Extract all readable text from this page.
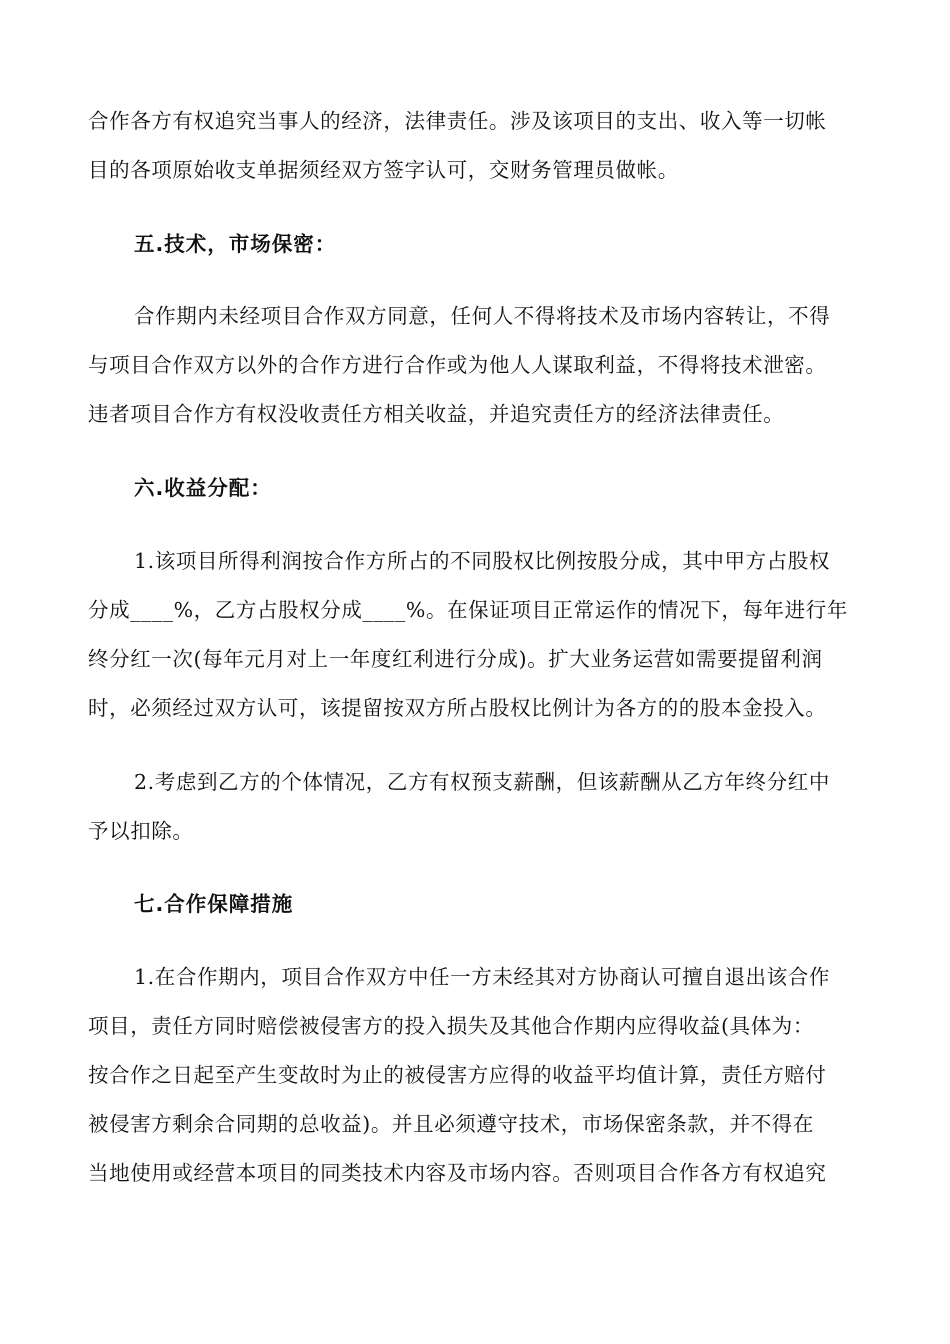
合作各方有权追究当事人的经济，法律责任。涉及该项目的支出、收入等一切帐
目的各项原始收支单据须经双方签字认可，交财务管理员做帐。
五.技术，市场保密：
合作期内未经项目合作双方同意，任何人不得将技术及市场内容转让，不得
与项目合作双方以外的合作方进行合作或为他人人谋取利益，不得将技术泄密。
违者项目合作方有权没收责任方相关收益，并追究责任方的经济法律责任。
六.收益分配：
1.该项目所得利润按合作方所占的不同股权比例按股分成，其中甲方占股权
分成____%，乙方占股权分成____%。在保证项目正常运作的情况下，每年进行年
终分红一次(每年元月对上一年度红利进行分成)。扩大业务运营如需要提留利润
时，必须经过双方认可，该提留按双方所占股权比例计为各方的的股本金投入。
2.考虑到乙方的个体情况，乙方有权预支薪酬，但该薪酬从乙方年终分红中
予以扣除。
七.合作保障措施
1.在合作期内，项目合作双方中任一方未经其对方协商认可擅自退出该合作
项目，责任方同时赔偿被侵害方的投入损失及其他合作期内应得收益(具体为：
按合作之日起至产生变故时为止的被侵害方应得的收益平均值计算，责任方赔付
被侵害方剩余合同期的总收益)。并且必须遵守技术，市场保密条款，并不得在
当地使用或经营本项目的同类技术内容及市场内容。否则项目合作各方有权追究
